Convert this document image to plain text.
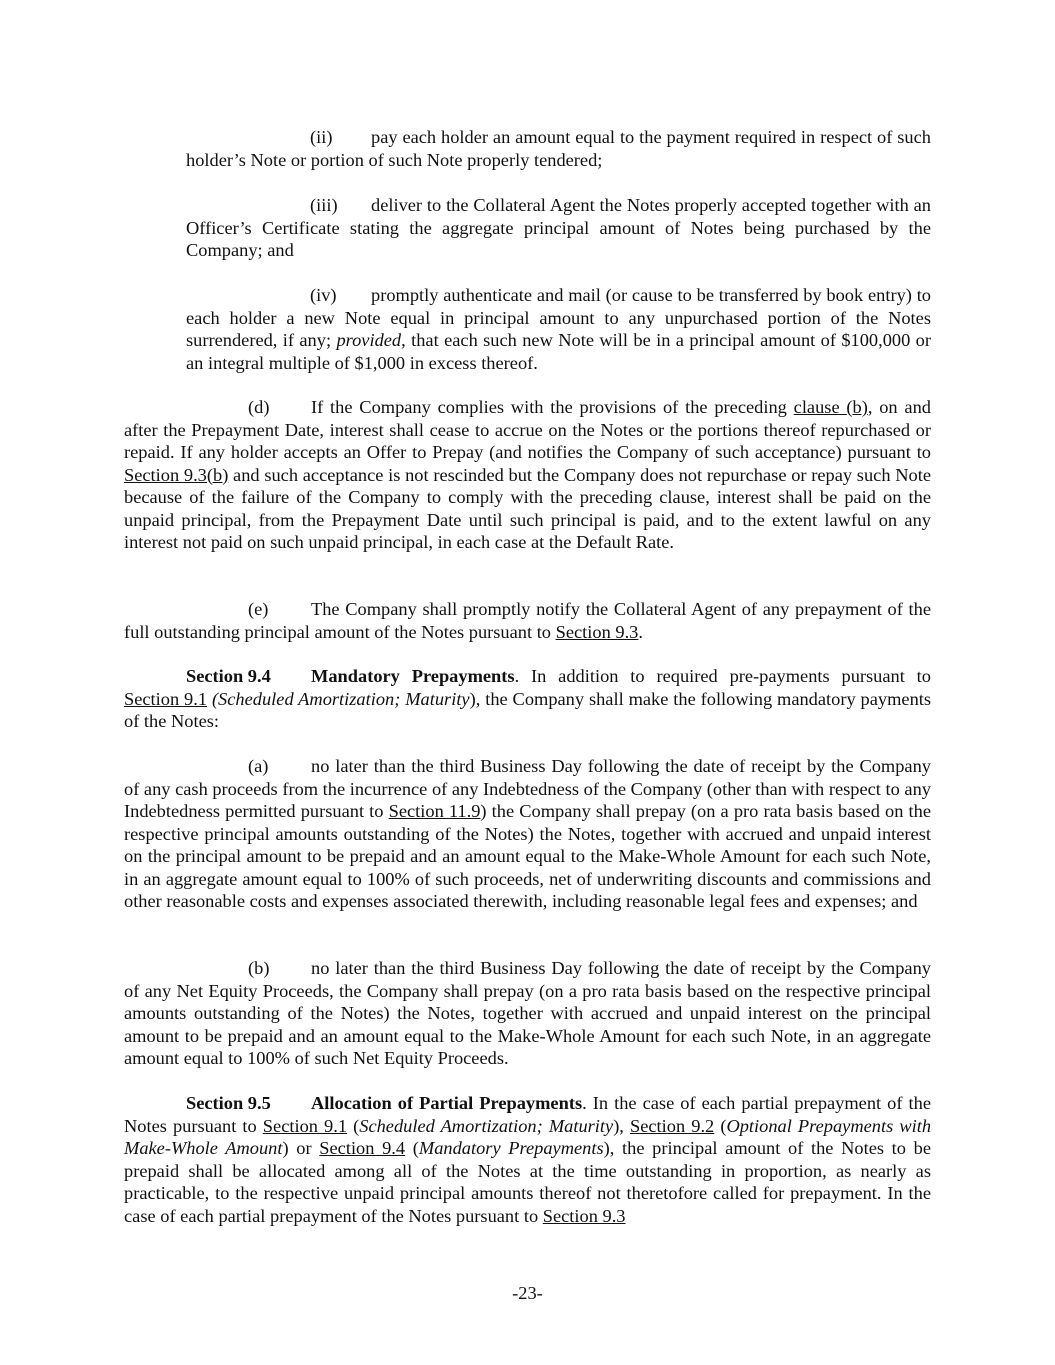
(ii) pay each holder an amount equal to the payment required in respect of such holder’s Note or portion of such Note properly tendered;

(iii) deliver to the Collateral Agent the Notes properly accepted together with an Officer’s Certificate stating the aggregate principal amount of Notes being purchased by the Company; and

(iv) promptly authenticate and mail (or cause to be transferred by book entry) to each holder a new Note equal in principal amount to any unpurchased portion of the Notes surrendered, if any; provided, that each such new Note will be in a principal amount of $100,000 or an integral multiple of $1,000 in excess thereof.

(d) If the Company complies with the provisions of the preceding clause (b), on and after the Prepayment Date, interest shall cease to accrue on the Notes or the portions thereof repurchased or repaid. If any holder accepts an Offer to Prepay (and notifies the Company of such acceptance) pursuant to Section 9.3(b) and such acceptance is not rescinded but the Company does not repurchase or repay such Note because of the failure of the Company to comply with the preceding clause, interest shall be paid on the unpaid principal, from the Prepayment Date until such principal is paid, and to the extent lawful on any interest not paid on such unpaid principal, in each case at the Default Rate.

(e) The Company shall promptly notify the Collateral Agent of any prepayment of the full outstanding principal amount of the Notes pursuant to Section 9.3.

Section 9.4 Mandatory Prepayments. In addition to required pre-payments pursuant to Section 9.1 (Scheduled Amortization; Maturity), the Company shall make the following mandatory payments of the Notes:

(a) no later than the third Business Day following the date of receipt by the Company of any cash proceeds from the incurrence of any Indebtedness of the Company (other than with respect to any Indebtedness permitted pursuant to Section 11.9) the Company shall prepay (on a pro rata basis based on the respective principal amounts outstanding of the Notes) the Notes, together with accrued and unpaid interest on the principal amount to be prepaid and an amount equal to the Make-Whole Amount for each such Note, in an aggregate amount equal to 100% of such proceeds, net of underwriting discounts and commissions and other reasonable costs and expenses associated therewith, including reasonable legal fees and expenses; and

(b) no later than the third Business Day following the date of receipt by the Company of any Net Equity Proceeds, the Company shall prepay (on a pro rata basis based on the respective principal amounts outstanding of the Notes) the Notes, together with accrued and unpaid interest on the principal amount to be prepaid and an amount equal to the Make-Whole Amount for each such Note, in an aggregate amount equal to 100% of such Net Equity Proceeds.

Section 9.5 Allocation of Partial Prepayments. In the case of each partial prepayment of the Notes pursuant to Section 9.1 (Scheduled Amortization; Maturity), Section 9.2 (Optional Prepayments with Make-Whole Amount) or Section 9.4 (Mandatory Prepayments), the principal amount of the Notes to be prepaid shall be allocated among all of the Notes at the time outstanding in proportion, as nearly as practicable, to the respective unpaid principal amounts thereof not theretofore called for prepayment. In the case of each partial prepayment of the Notes pursuant to Section 9.3

-23-
